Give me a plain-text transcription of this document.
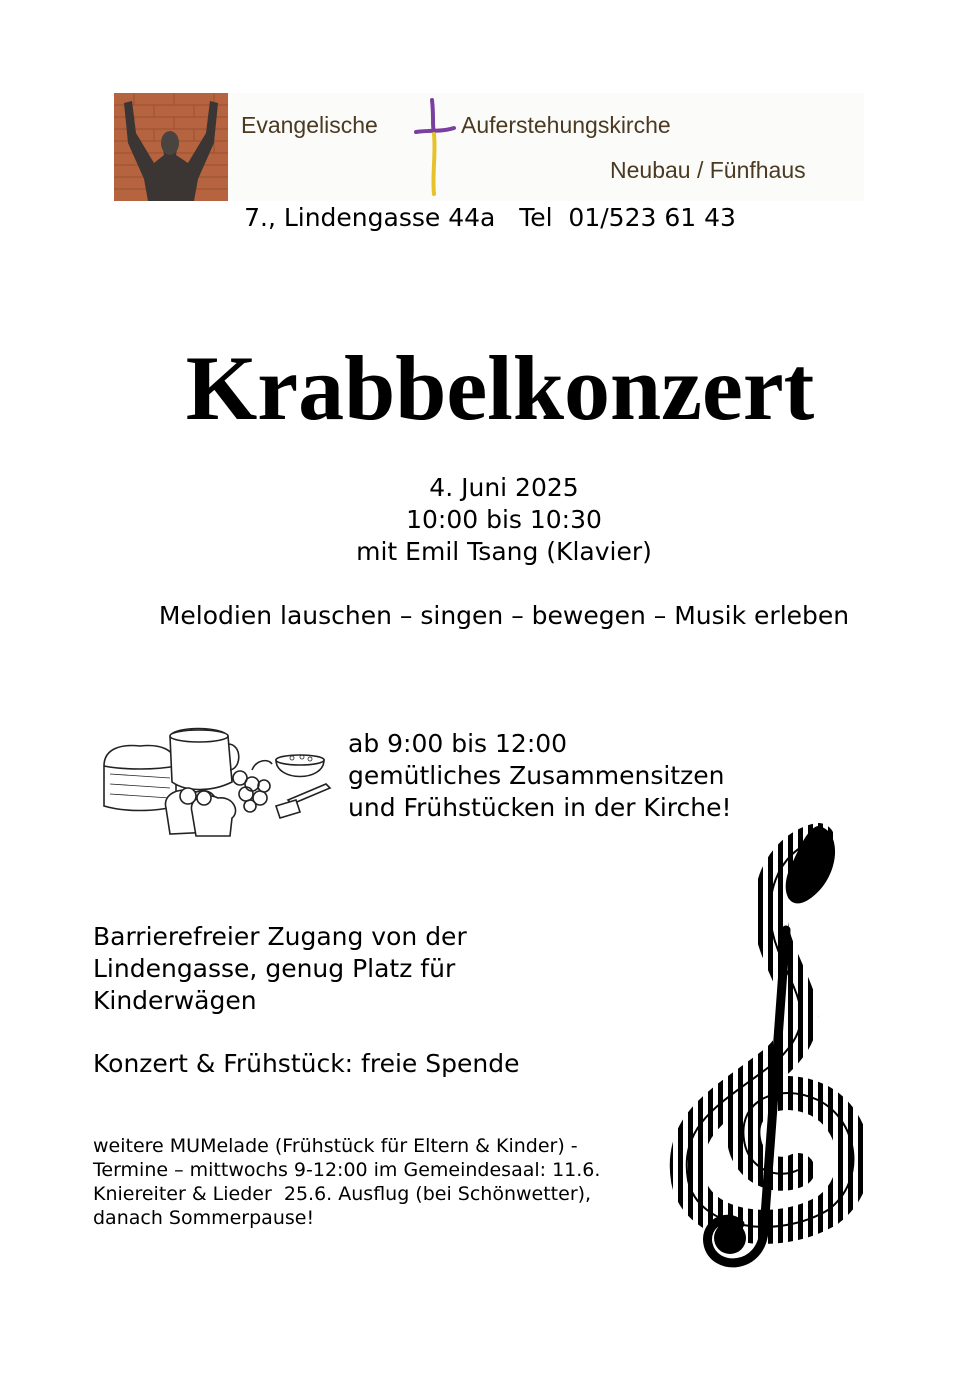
Evangelische	Auferstehungskirche
Neubau / Fünfhaus
7., Lindengasse 44a   Tel  01/523 61 43
Krabbelkonzert
4. Juni 2025
10:00 bis 10:30
mit Emil Tsang (Klavier)
Melodien lauschen – singen – bewegen – Musik erleben
ab 9:00 bis 12:00
gemütliches Zusammensitzen
und Frühstücken in der Kirche!
Barrierefreier Zugang von der
Lindengasse, genug Platz für
Kinderwägen
Konzert & Frühstück: freie Spende
weitere MUMelade (Frühstück für Eltern & Kinder) -
Termine – mittwochs 9-12:00 im Gemeindesaal: 11.6.
Kniereiter & Lieder  25.6. Ausflug (bei Schönwetter),
danach Sommerpause!
